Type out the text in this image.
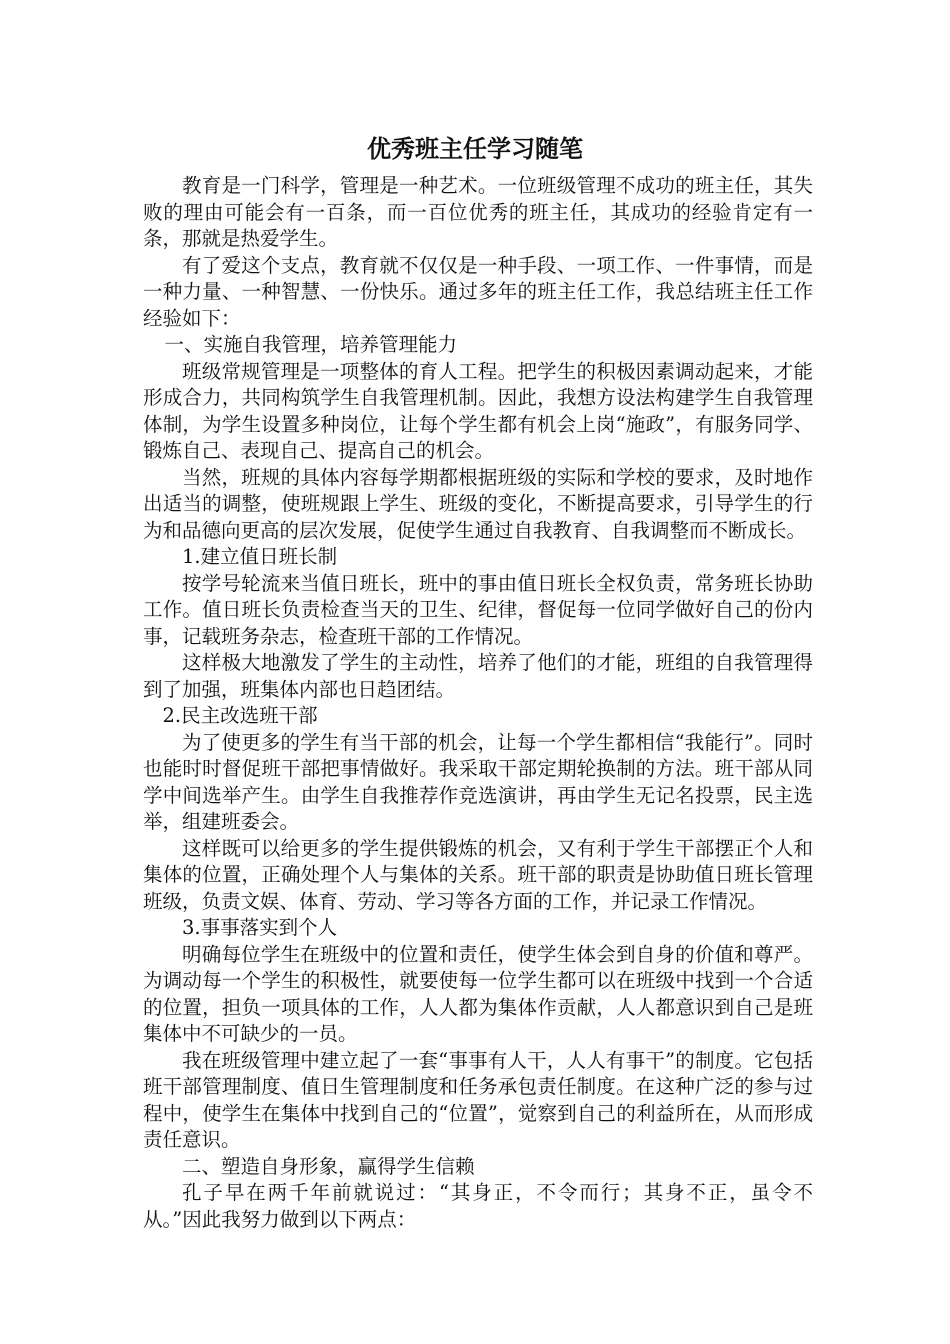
优秀班主任学习随笔

教育是一门科学，管理是一种艺术。一位班级管理不成功的班主任，其失败的理由可能会有一百条，而一百位优秀的班主任，其成功的经验肯定有一条，那就是热爱学生。

有了爱这个支点，教育就不仅仅是一种手段、一项工作、一件事情，而是一种力量、一种智慧、一份快乐。通过多年的班主任工作，我总结班主任工作经验如下：

一、实施自我管理，培养管理能力

班级常规管理是一项整体的育人工程。把学生的积极因素调动起来，才能形成合力，共同构筑学生自我管理机制。因此，我想方设法构建学生自我管理体制，为学生设置多种岗位，让每个学生都有机会上岗“施政”，有服务同学、锻炼自己、表现自己、提高自己的机会。

当然，班规的具体内容每学期都根据班级的实际和学校的要求，及时地作出适当的调整，使班规跟上学生、班级的变化，不断提高要求，引导学生的行为和品德向更高的层次发展，促使学生通过自我教育、自我调整而不断成长。

1.建立值日班长制

按学号轮流来当值日班长，班中的事由值日班长全权负责，常务班长协助工作。值日班长负责检查当天的卫生、纪律，督促每一位同学做好自己的份内事，记载班务杂志，检查班干部的工作情况。

这样极大地激发了学生的主动性，培养了他们的才能，班组的自我管理得到了加强，班集体内部也日趋团结。

2.民主改选班干部

为了使更多的学生有当干部的机会，让每一个学生都相信“我能行”。同时也能时时督促班干部把事情做好。我采取干部定期轮换制的方法。班干部从同学中间选举产生。由学生自我推荐作竞选演讲，再由学生无记名投票，民主选举，组建班委会。

这样既可以给更多的学生提供锻炼的机会，又有利于学生干部摆正个人和集体的位置，正确处理个人与集体的关系。班干部的职责是协助值日班长管理班级，负责文娱、体育、劳动、学习等各方面的工作，并记录工作情况。

3.事事落实到个人

明确每位学生在班级中的位置和责任，使学生体会到自身的价值和尊严。为调动每一个学生的积极性，就要使每一位学生都可以在班级中找到一个合适的位置，担负一项具体的工作，人人都为集体作贡献，人人都意识到自己是班集体中不可缺少的一员。

我在班级管理中建立起了一套“事事有人干，人人有事干”的制度。它包括班干部管理制度、值日生管理制度和任务承包责任制度。在这种广泛的参与过程中，使学生在集体中找到自己的“位置”，觉察到自己的利益所在，从而形成责任意识。

二、塑造自身形象，赢得学生信赖

孔子早在两千年前就说过：“其身正，不令而行；其身不正，虽令不从。”因此我努力做到以下两点：
